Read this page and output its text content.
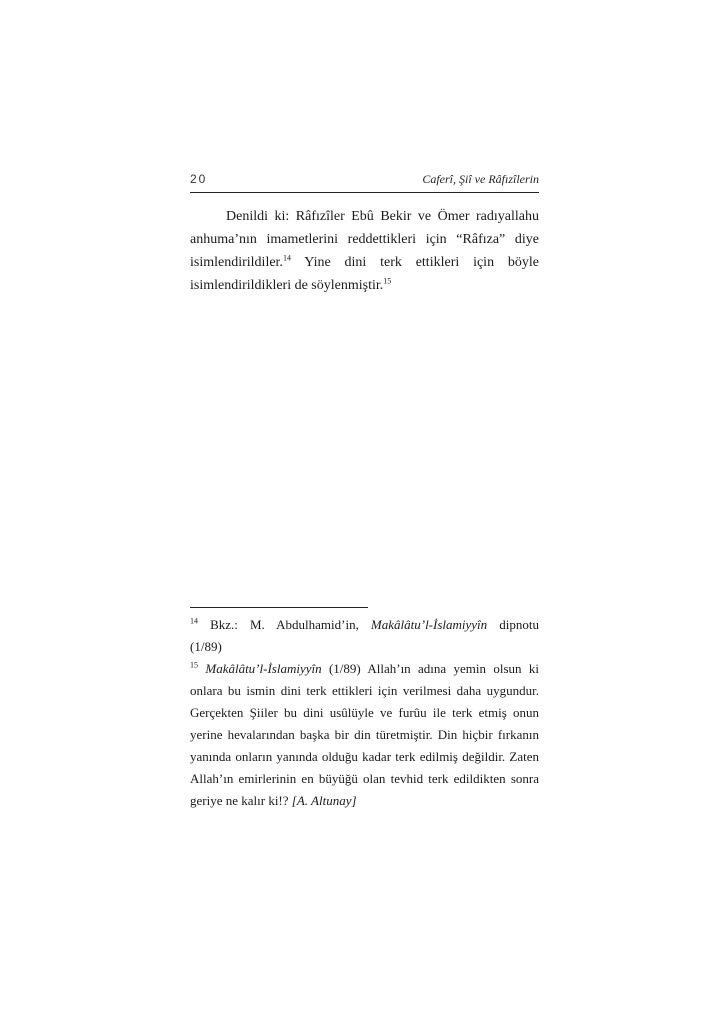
20	Caferî, Şiî ve Râfızîlerin

Denildi ki: Râfızîler Ebû Bekir ve Ömer radıyallahu anhuma’nın imametlerini reddettikleri için “Râfıza” diye isimlendirildiler.$^{14}$ Yine dini terk ettikleri için böyle isimlendirildikleri de söylenmiştir.$^{15}$

$^{14}$ Bkz.: M. Abdulhamid’in, Makâlâtu’l-İslamiyyîn dipnotu

(1/89)

$^{15}$ Makâlâtu’l-İslamiyyîn (1/89) Allah’ın adına yemin olsun ki onlara bu ismin dini terk ettikleri için verilmesi daha uygundur. Gerçekten Şiiler bu dini usûlüyle ve furûu ile terk etmiş onun yerine hevalarından başka bir din türetmiştir. Din hiçbir fırkanın yanında onların yanında olduğu kadar terk edilmiş değildir. Zaten Allah’ın emirlerinin en büyüğü olan tevhid terk edildikten sonra geriye ne kalır ki!? [A. Altunay]
